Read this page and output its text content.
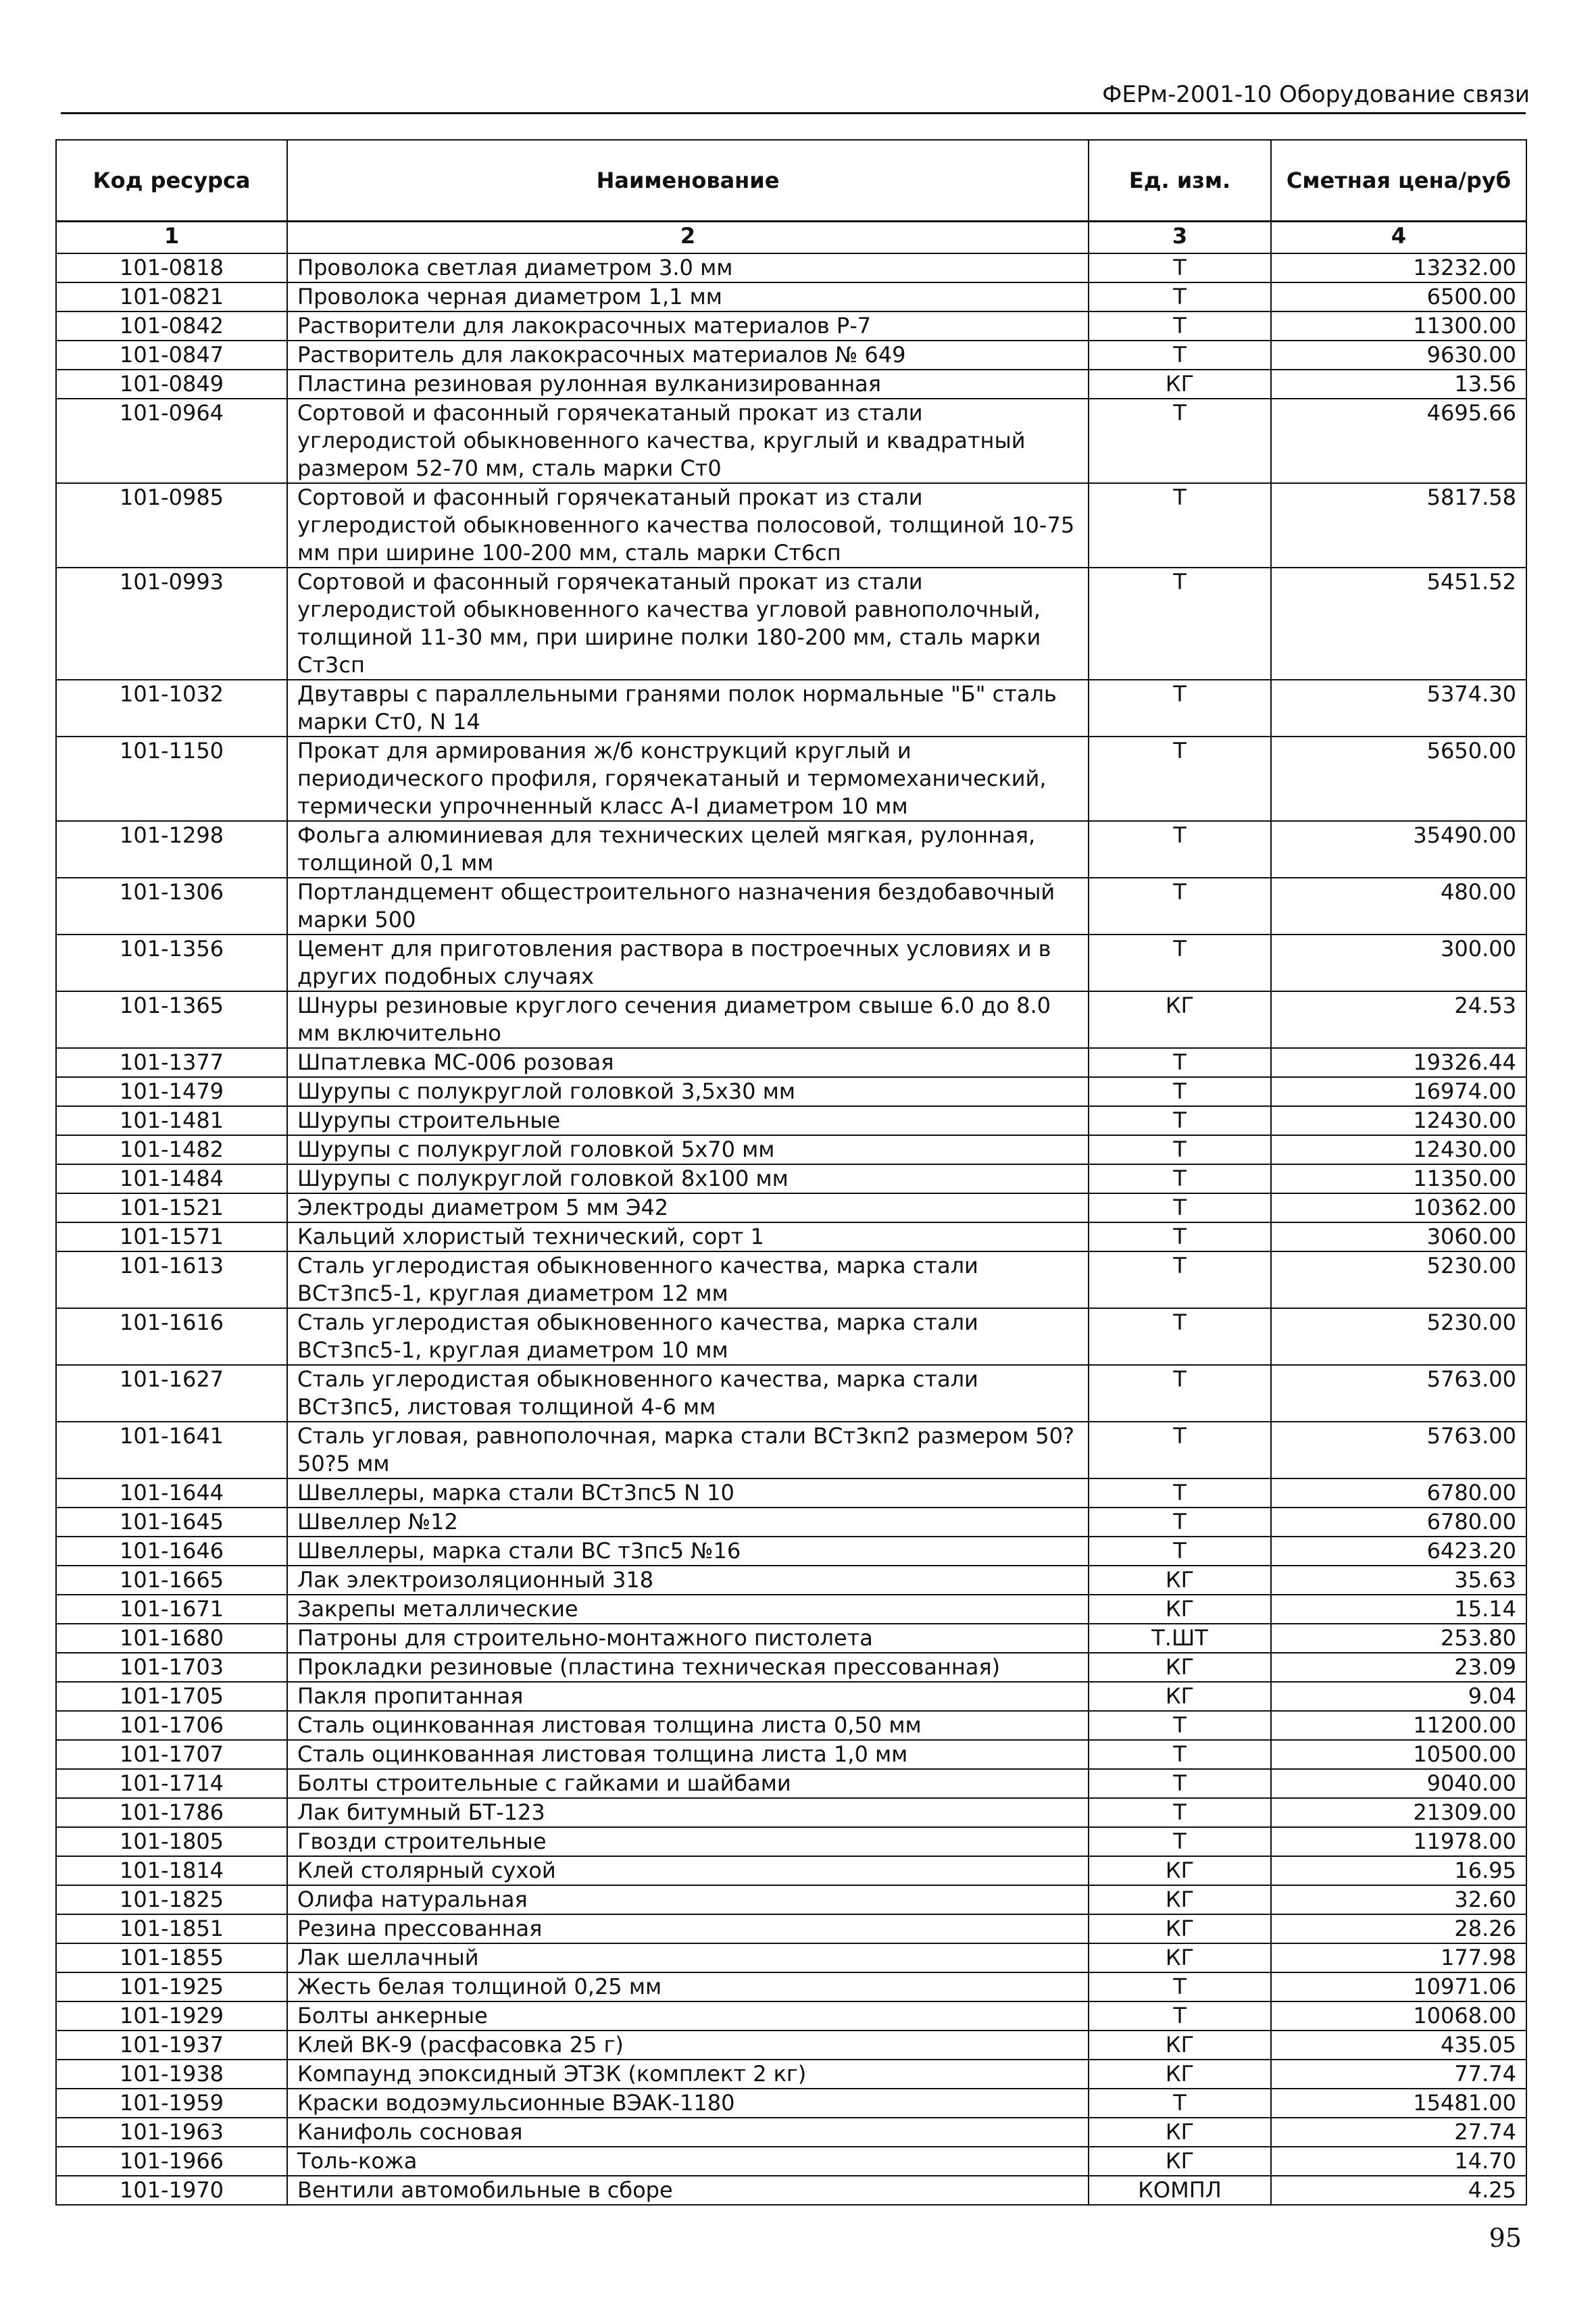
ФЕРм-2001-10 Оборудование связи
Код ресурса	Наименование	Ед. изм.	Сметная цена/руб
1	2	3	4
101-0818	Проволока светлая диаметром 3.0 мм	Т	13232.00
101-0821	Проволока черная диаметром 1,1 мм	Т	6500.00
101-0842	Растворители для лакокрасочных материалов Р-7	Т	11300.00
101-0847	Растворитель для лакокрасочных материалов № 649	Т	9630.00
101-0849	Пластина резиновая рулонная вулканизированная	КГ	13.56
101-0964	Сортовой и фасонный горячекатаный прокат из стали углеродистой обыкновенного качества, круглый и квадратный размером 52-70 мм, сталь марки Ст0	Т	4695.66
101-0985	Сортовой и фасонный горячекатаный прокат из стали углеродистой обыкновенного качества полосовой, толщиной 10-75 мм при ширине 100-200 мм, сталь марки Ст6сп	Т	5817.58
101-0993	Сортовой и фасонный горячекатаный прокат из стали углеродистой обыкновенного качества угловой равнополочный, толщиной 11-30 мм, при ширине полки 180-200 мм, сталь марки Ст3сп	Т	5451.52
101-1032	Двутавры с параллельными гранями полок нормальные "Б" сталь марки Ст0, N 14	Т	5374.30
101-1150	Прокат для армирования ж/б конструкций круглый и периодического профиля, горячекатаный и термомеханический, термически упрочненный класс А-I диаметром 10 мм	Т	5650.00
101-1298	Фольга алюминиевая для технических целей мягкая, рулонная, толщиной 0,1 мм	Т	35490.00
101-1306	Портландцемент общестроительного назначения бездобавочный марки 500	Т	480.00
101-1356	Цемент для приготовления раствора в построечных условиях и в других подобных случаях	Т	300.00
101-1365	Шнуры резиновые круглого сечения диаметром свыше 6.0 до 8.0 мм включительно	КГ	24.53
101-1377	Шпатлевка МС-006 розовая	Т	19326.44
101-1479	Шурупы с полукруглой головкой 3,5х30 мм	Т	16974.00
101-1481	Шурупы строительные	Т	12430.00
101-1482	Шурупы с полукруглой головкой 5х70 мм	Т	12430.00
101-1484	Шурупы с полукруглой головкой 8х100 мм	Т	11350.00
101-1521	Электроды диаметром 5 мм Э42	Т	10362.00
101-1571	Кальций хлористый технический, сорт 1	Т	3060.00
101-1613	Сталь углеродистая обыкновенного качества, марка стали ВСт3пс5-1, круглая диаметром 12 мм	Т	5230.00
101-1616	Сталь углеродистая обыкновенного качества, марка стали ВСт3пс5-1, круглая диаметром 10 мм	Т	5230.00
101-1627	Сталь углеродистая обыкновенного качества, марка стали ВСт3пс5, листовая толщиной 4-6 мм	Т	5763.00
101-1641	Сталь угловая, равнополочная, марка стали ВСт3кп2 размером 50?50?5 мм	Т	5763.00
101-1644	Швеллеры, марка стали ВСт3пс5 N 10	Т	6780.00
101-1645	Швеллер №12	Т	6780.00
101-1646	Швеллеры, марка стали ВС т3пс5 №16	Т	6423.20
101-1665	Лак электроизоляционный 318	КГ	35.63
101-1671	Закрепы металлические	КГ	15.14
101-1680	Патроны для строительно-монтажного пистолета	Т.ШТ	253.80
101-1703	Прокладки резиновые (пластина техническая прессованная)	КГ	23.09
101-1705	Пакля пропитанная	КГ	9.04
101-1706	Сталь оцинкованная листовая толщина листа 0,50 мм	Т	11200.00
101-1707	Сталь оцинкованная листовая толщина листа 1,0 мм	Т	10500.00
101-1714	Болты строительные с гайками и шайбами	Т	9040.00
101-1786	Лак битумный БТ-123	Т	21309.00
101-1805	Гвозди строительные	Т	11978.00
101-1814	Клей столярный сухой	КГ	16.95
101-1825	Олифа натуральная	КГ	32.60
101-1851	Резина прессованная	КГ	28.26
101-1855	Лак шеллачный	КГ	177.98
101-1925	Жесть белая толщиной 0,25 мм	Т	10971.06
101-1929	Болты анкерные	Т	10068.00
101-1937	Клей ВК-9 (расфасовка 25 г)	КГ	435.05
101-1938	Компаунд эпоксидный ЭТ3К (комплект 2 кг)	КГ	77.74
101-1959	Краски водоэмульсионные ВЭАК-1180	Т	15481.00
101-1963	Канифоль сосновая	КГ	27.74
101-1966	Толь-кожа	КГ	14.70
101-1970	Вентили автомобильные в сборе	КОМПЛ	4.25
95
